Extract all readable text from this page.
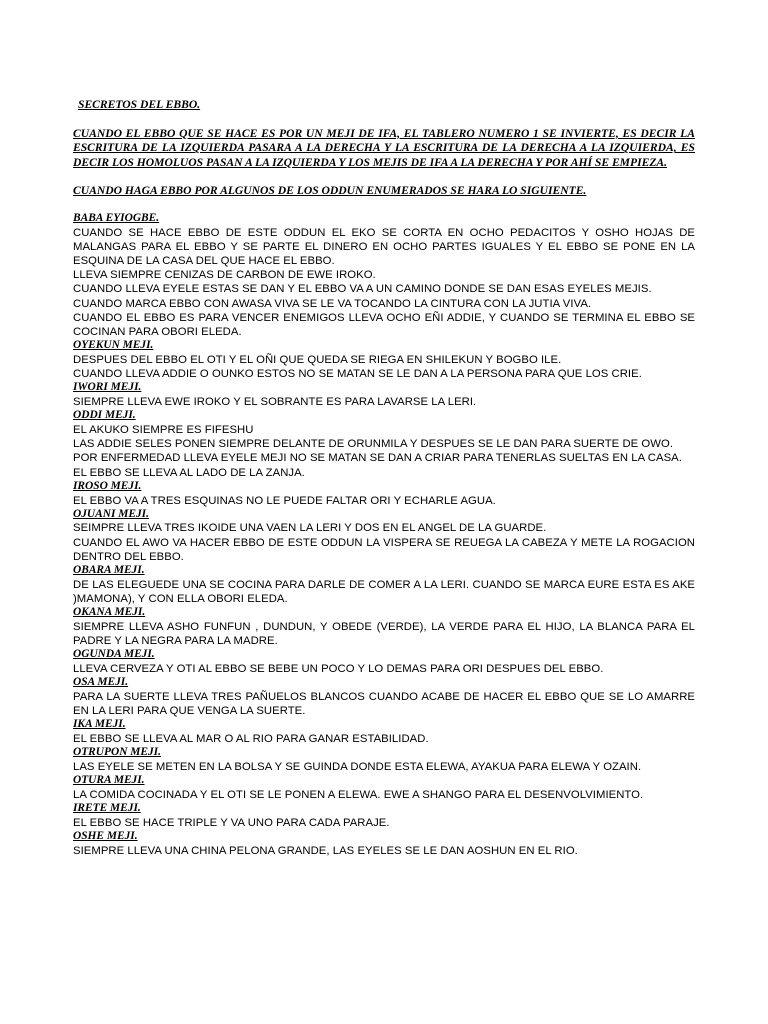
SECRETOS DEL EBBO.

CUANDO EL EBBO QUE SE HACE ES POR UN MEJI DE IFA, EL TABLERO NUMERO 1 SE INVIERTE, ES DECIR LA ESCRITURA DE LA IZQUIERDA PASARA A LA DERECHA Y LA ESCRITURA DE LA DERECHA A LA IZQUIERDA, ES DECIR LOS HOMOLUOS PASAN A LA IZQUIERDA Y LOS MEJIS DE IFA A LA DERECHA Y POR AHÍ SE EMPIEZA.

CUANDO HAGA EBBO POR ALGUNOS DE LOS ODDUN ENUMERADOS SE HARA LO SIGUIENTE.

BABA EYIOGBE.

CUANDO SE HACE EBBO DE ESTE ODDUN EL EKO SE CORTA EN OCHO PEDACITOS Y OSHO HOJAS DE MALANGAS PARA EL EBBO Y SE PARTE EL DINERO EN OCHO PARTES IGUALES Y EL EBBO SE PONE EN LA ESQUINA DE LA CASA DEL QUE HACE EL EBBO.

LLEVA SIEMPRE CENIZAS DE CARBON DE EWE IROKO.

CUANDO LLEVA EYELE ESTAS SE DAN Y EL EBBO VA A UN CAMINO DONDE SE DAN ESAS EYELES MEJIS.

CUANDO MARCA EBBO CON AWASA VIVA SE LE VA TOCANDO LA CINTURA CON LA JUTIA VIVA.

CUANDO EL EBBO ES PARA VENCER ENEMIGOS LLEVA OCHO EÑI ADDIE, Y CUANDO SE TERMINA EL EBBO SE COCINAN PARA OBORI ELEDA.

OYEKUN MEJI.

DESPUES DEL EBBO EL OTI Y EL OÑI QUE QUEDA SE RIEGA EN SHILEKUN Y BOGBO ILE.

CUANDO LLEVA ADDIE O OUNKO ESTOS NO SE MATAN SE LE DAN A LA PERSONA PARA QUE LOS CRIE.

IWORI MEJI.

SIEMPRE LLEVA EWE IROKO Y EL SOBRANTE ES PARA LAVARSE LA LERI.

ODDI MEJI.

EL AKUKO SIEMPRE ES FIFESHU

LAS ADDIE SELES PONEN SIEMPRE DELANTE DE ORUNMILA Y DESPUES SE LE DAN PARA SUERTE DE OWO.

POR ENFERMEDAD LLEVA EYELE MEJI NO SE MATAN SE DAN A CRIAR PARA TENERLAS SUELTAS EN LA CASA.

EL EBBO SE LLEVA AL LADO DE LA ZANJA.

IROSO MEJI.

EL EBBO VA A TRES ESQUINAS NO LE PUEDE FALTAR ORI Y ECHARLE AGUA.

OJUANI MEJI.

SEIMPRE LLEVA TRES IKOIDE UNA VAEN LA LERI Y DOS EN EL ANGEL DE LA GUARDE.

CUANDO EL AWO VA HACER EBBO DE ESTE ODDUN LA VISPERA SE REUEGA LA CABEZA Y METE LA ROGACION DENTRO DEL EBBO.

OBARA MEJI.

DE LAS ELEGUEDE UNA SE COCINA PARA DARLE DE COMER A LA LERI. CUANDO SE MARCA EURE ESTA ES AKE )MAMONA), Y CON ELLA OBORI ELEDA.

OKANA MEJI.

SIEMPRE LLEVA ASHO FUNFUN , DUNDUN, Y OBEDE (VERDE), LA VERDE PARA EL HIJO, LA BLANCA PARA EL PADRE Y LA NEGRA PARA LA MADRE.

OGUNDA MEJI.

LLEVA CERVEZA Y OTI AL EBBO SE BEBE UN POCO Y LO DEMAS PARA ORI DESPUES DEL EBBO.

OSA MEJI.

PARA LA SUERTE LLEVA TRES PAÑUELOS BLANCOS CUANDO ACABE DE HACER EL EBBO QUE SE LO AMARRE EN LA LERI PARA QUE VENGA LA SUERTE.

IKA MEJI.

EL EBBO SE LLEVA AL MAR O AL RIO PARA GANAR ESTABILIDAD.

OTRUPON MEJI.

LAS EYELE SE METEN EN LA BOLSA Y SE GUINDA DONDE ESTA ELEWA, AYAKUA PARA ELEWA Y OZAIN.

OTURA MEJI.

LA COMIDA COCINADA Y EL OTI SE LE PONEN A ELEWA. EWE A SHANGO PARA EL DESENVOLVIMIENTO.

IRETE MEJI.

EL EBBO SE HACE TRIPLE Y VA UNO PARA CADA PARAJE.

OSHE MEJI.

SIEMPRE LLEVA UNA CHINA PELONA GRANDE, LAS EYELES SE LE DAN AOSHUN EN EL RIO.
